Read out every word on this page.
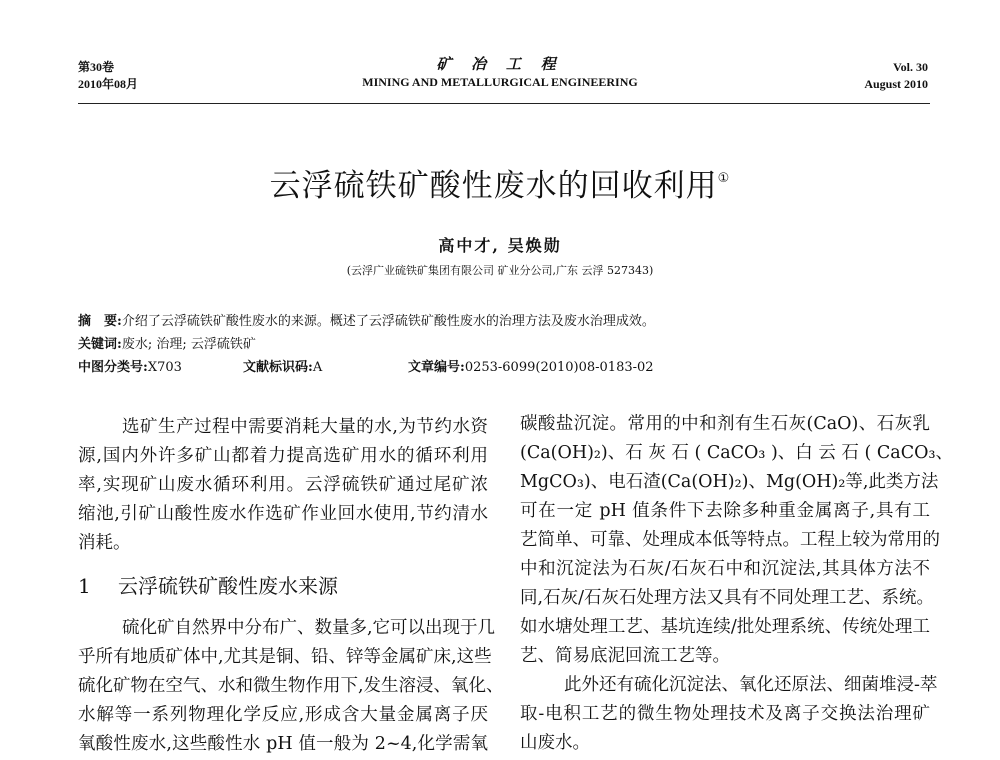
第30卷
2010年08月
矿 冶 工 程
MINING AND METALLURGICAL ENGINEERING
Vol. 30
August 2010
云浮硫铁矿酸性废水的回收利用①
高中才, 吴焕勋
(云浮广业硫铁矿集团有限公司 矿业分公司,广东 云浮 527343)
摘　要:介绍了云浮硫铁矿酸性废水的来源。概述了云浮硫铁矿酸性废水的治理方法及废水治理成效。
关键词:废水; 治理; 云浮硫铁矿
中图分类号:X703	文献标识码:A	文章编号:0253-6099(2010)08-0183-02
选矿生产过程中需要消耗大量的水,为节约水资
源,国内外许多矿山都着力提高选矿用水的循环利用
率,实现矿山废水循环利用。云浮硫铁矿通过尾矿浓
缩池,引矿山酸性废水作选矿作业回水使用,节约清水
消耗。
1 云浮硫铁矿酸性废水来源
硫化矿自然界中分布广、数量多,它可以出现于几
乎所有地质矿体中,尤其是铜、铅、锌等金属矿床,这些
硫化矿物在空气、水和微生物作用下,发生溶浸、氧化、
水解等一系列物理化学反应,形成含大量金属离子厌
氧酸性废水,这些酸性水 pH 值一般为 2~4,化学需氧
碳酸盐沉淀。常用的中和剂有生石灰(CaO)、石灰乳
(Ca(OH)₂)、石 灰 石 ( CaCO₃ )、白 云 石 ( CaCO₃、
MgCO₃)、电石渣(Ca(OH)₂)、Mg(OH)₂等,此类方法
可在一定 pH 值条件下去除多种重金属离子,具有工
艺简单、可靠、处理成本低等特点。工程上较为常用的
中和沉淀法为石灰/石灰石中和沉淀法,其具体方法不
同,石灰/石灰石处理方法又具有不同处理工艺、系统。
如水塘处理工艺、基坑连续/批处理系统、传统处理工
艺、简易底泥回流工艺等。
此外还有硫化沉淀法、氧化还原法、细菌堆浸-萃
取-电积工艺的微生物处理技术及离子交换法治理矿
山废水。
